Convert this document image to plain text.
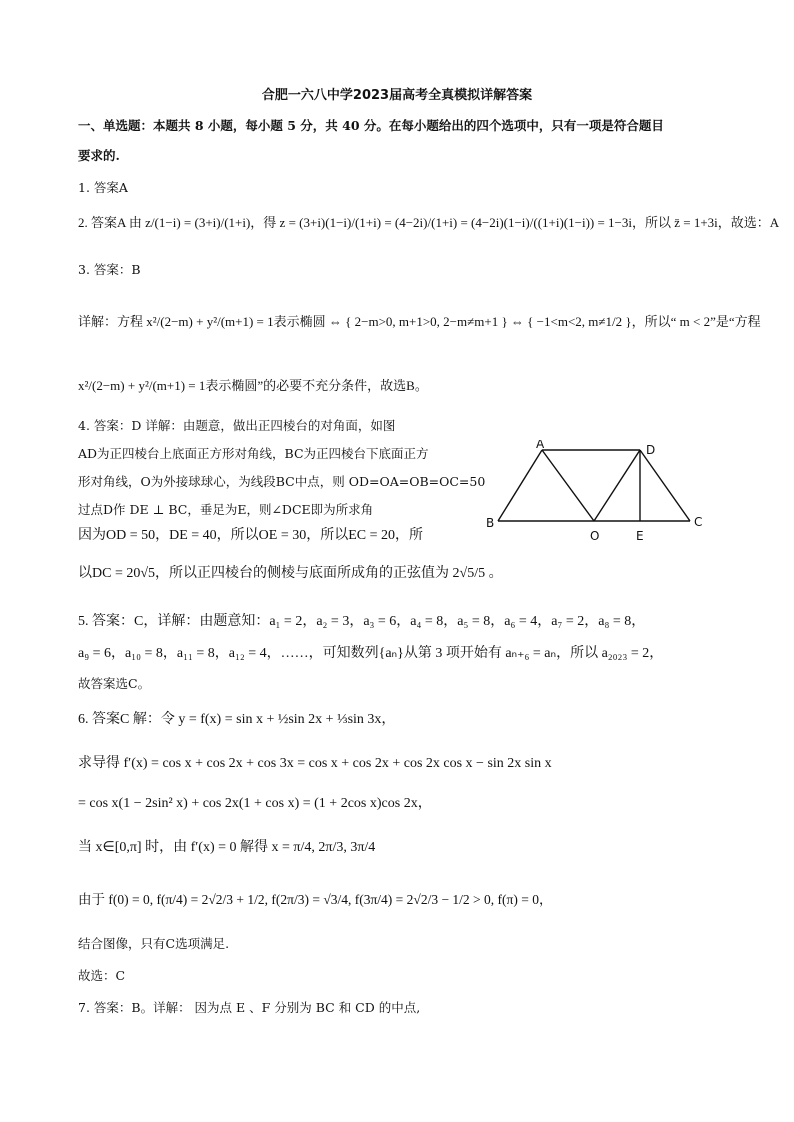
合肥一六八中学2023届高考全真模拟详解答案
一、单选题：本题共 8 小题，每小题 5 分，共 40 分。在每小题给出的四个选项中，只有一项是符合题目
要求的.
1. 答案A
2. 答案A 由 z/(1−i) = (3+i)/(1+i)，得 z = (3+i)(1−i)/(1+i) = (4−2i)/(1+i) = (4−2i)(1−i)/((1+i)(1−i)) = 1−3i，所以 z̄ = 1+3i，故选：A
3. 答案：B
详解：方程 x²/(2−m) + y²/(m+1) = 1表示椭圆 ⇔ { 2−m>0, m+1>0, 2−m≠m+1 } ⇔ { −1<m<2, m≠1/2 }，所以“ m < 2”是“方程
x²/(2−m) + y²/(m+1) = 1表示椭圆”的必要不充分条件，故选B。
4. 答案：D 详解：由题意，做出正四棱台的对角面，如图
AD为正四棱台上底面正方形对角线，BC为正四棱台下底面正方
形对角线，O为外接球球心，为线段BC中点，则 OD=OA=OB=OC=50
过点D作 DE ⊥ BC，垂足为E，则∠DCE即为所求角
因为OD = 50，DE = 40，所以OE = 30，所以EC = 20，所
以DC = 20√5，所以正四棱台的侧棱与底面所成角的正弦值为 2√5/5 。
A	D
B
O	E
C
5. 答案：C，详解：由题意知：a₁ = 2，a₂ = 3，a₃ = 6，a₄ = 8，a₅ = 8，a₆ = 4，a₇ = 2，a₈ = 8，
a₉ = 6，a₁₀ = 8，a₁₁ = 8，a₁₂ = 4，……，可知数列{aₙ}从第 3 项开始有 aₙ₊₆ = aₙ，所以 a₂₀₂₃ = 2，
故答案选C。
6. 答案C 解：令 y = f(x) = sin x + ½sin 2x + ⅓sin 3x，
求导得 f′(x) = cos x + cos 2x + cos 3x = cos x + cos 2x + cos 2x cos x − sin 2x sin x
= cos x(1 − 2sin² x) + cos 2x(1 + cos x) = (1 + 2cos x)cos 2x，
当 x∈[0,π] 时，由 f′(x) = 0 解得 x = π/4, 2π/3, 3π/4
由于 f(0) = 0, f(π/4) = 2√2/3 + 1/2, f(2π/3) = √3/4, f(3π/4) = 2√2/3 − 1/2 > 0, f(π) = 0，
结合图像，只有C选项满足.
故选：C
7. 答案：B。详解： 因为点 E 、F 分别为 BC 和 CD 的中点,
